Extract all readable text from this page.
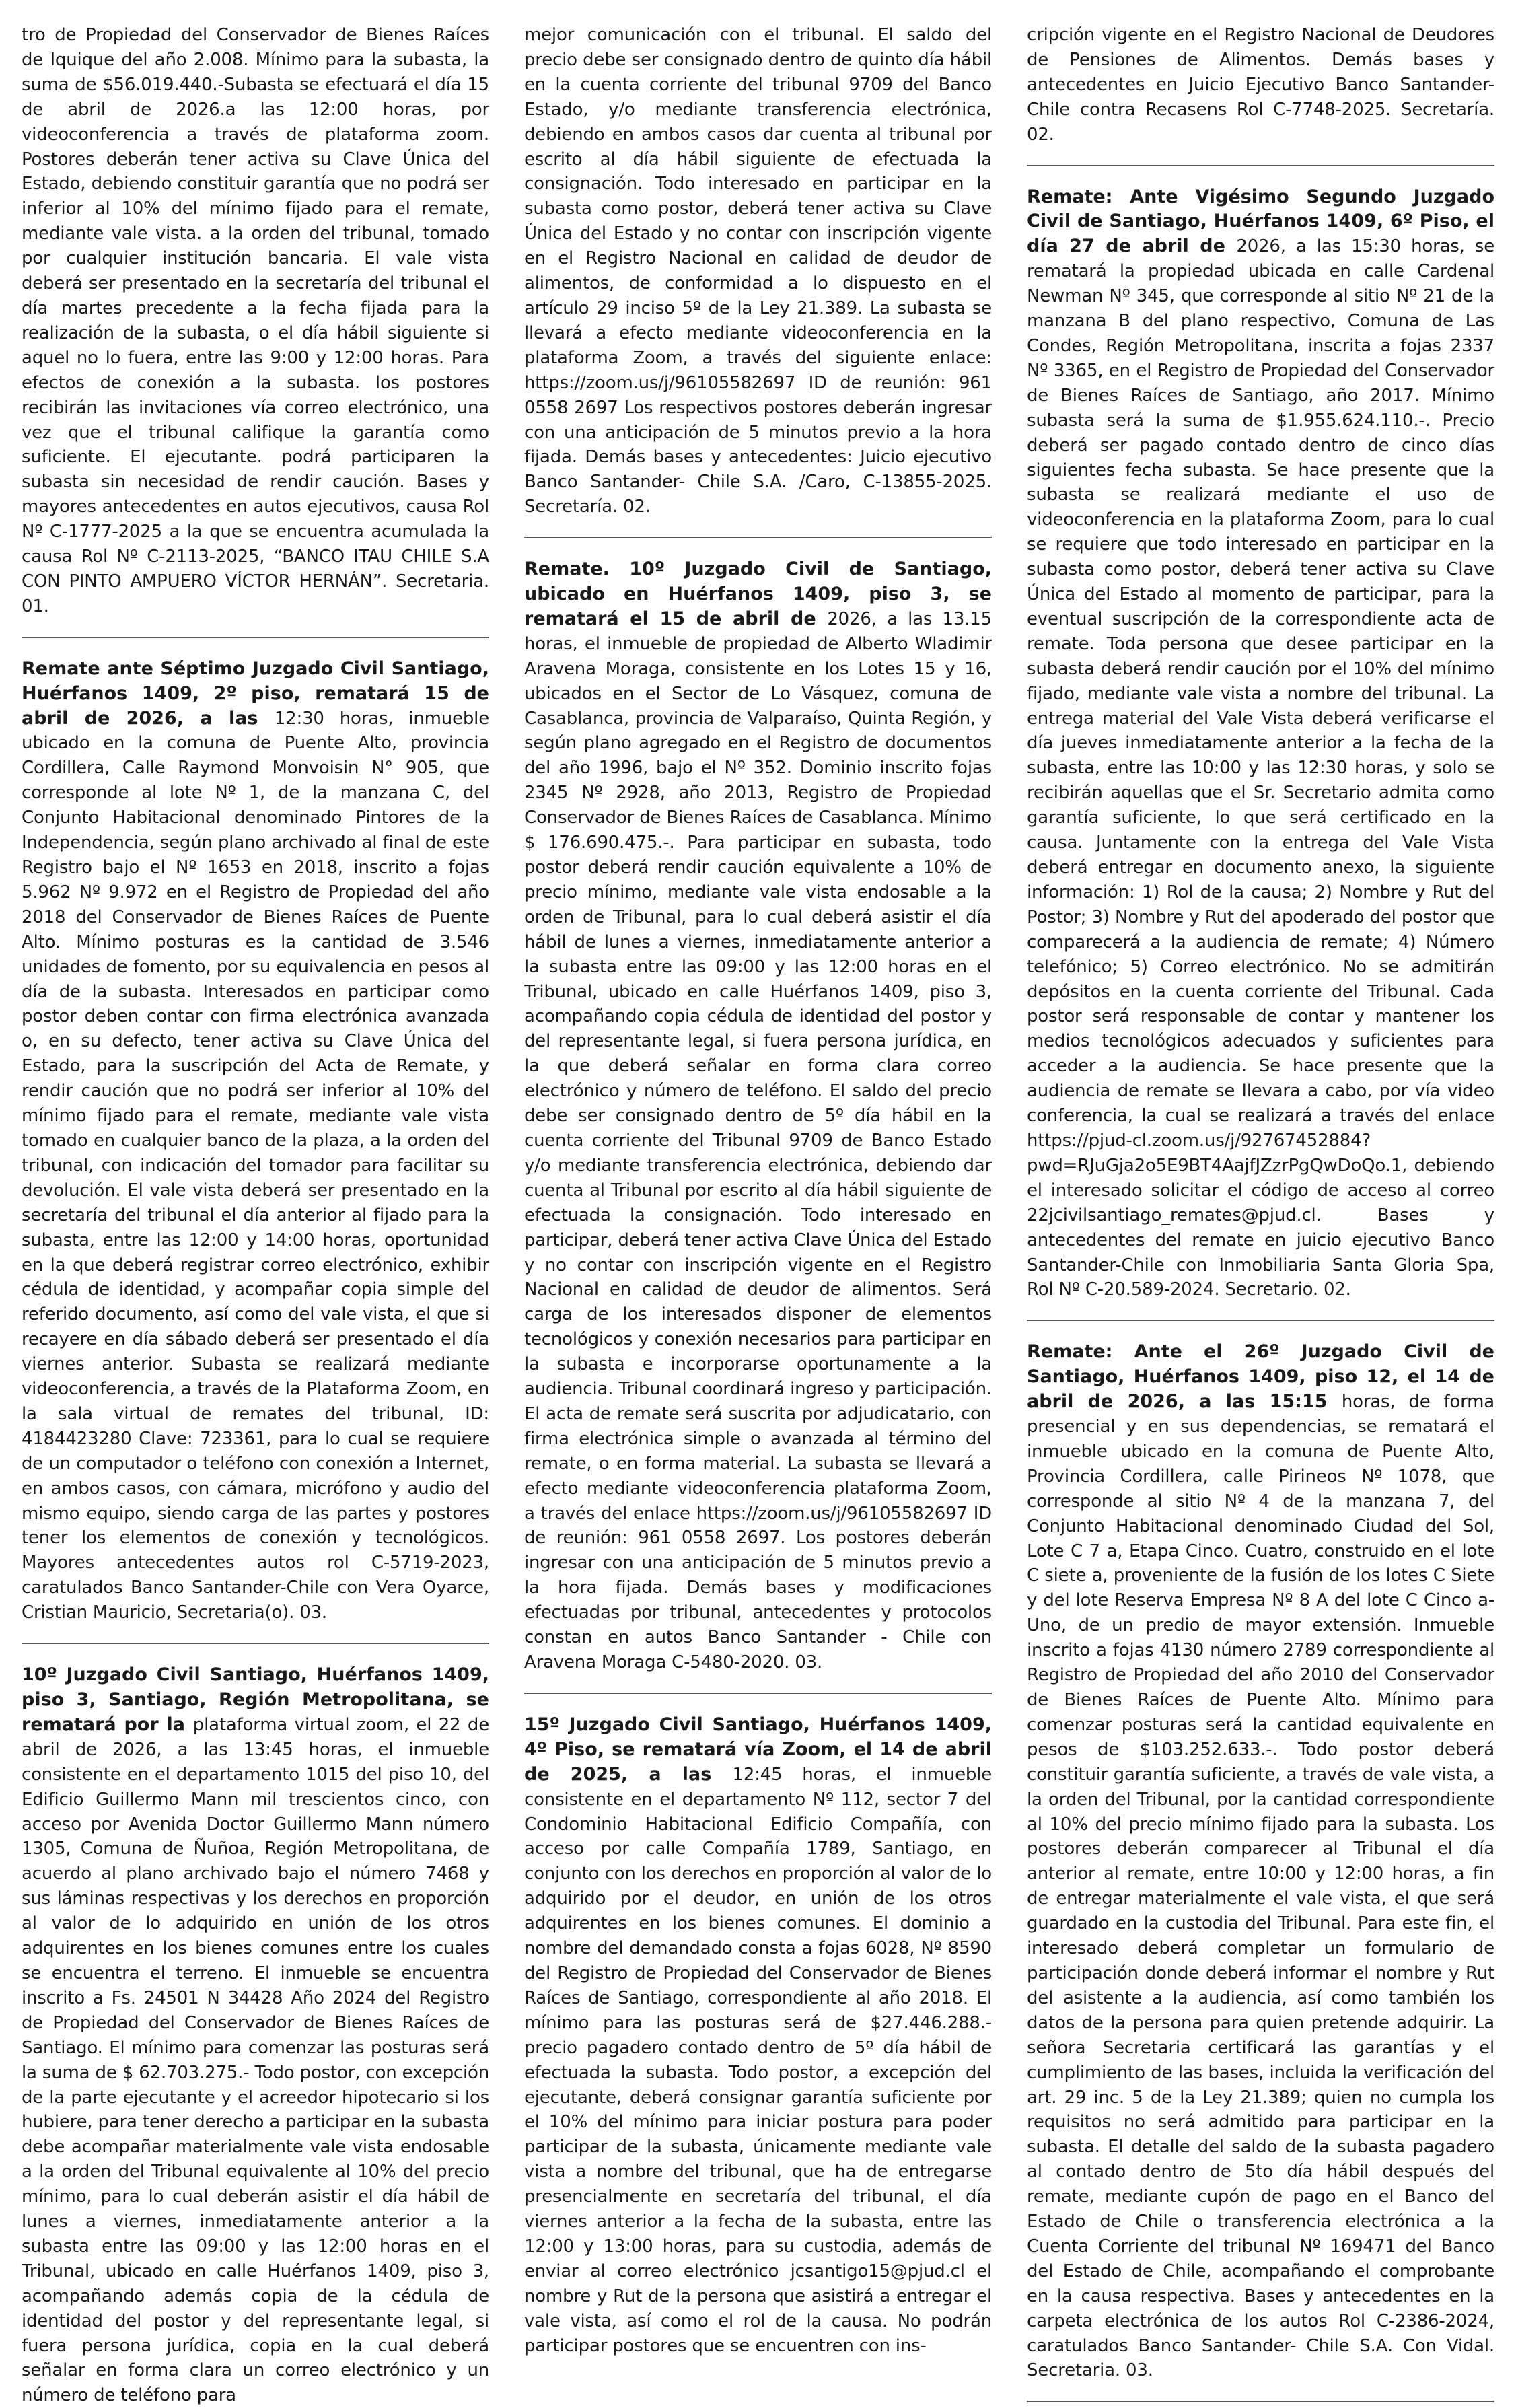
tro de Propiedad del Conservador de Bienes Raíces de Iquique del año 2.008. Mínimo para la subasta, la suma de $56.019.440.-Subasta se efectuará el día 15 de abril de 2026.a las 12:00 horas, por videoconferencia a través de plataforma zoom. Postores deberán tener activa su Clave Única del Estado, debiendo constituir garantía que no podrá ser inferior al 10% del mínimo fijado para el remate, mediante vale vista. a la orden del tribunal, tomado por cualquier institución bancaria. El vale vista deberá ser presentado en la secretaría del tribunal el día martes precedente a la fecha fijada para la realización de la subasta, o el día hábil siguiente si aquel no lo fuera, entre las 9:00 y 12:00 horas. Para efectos de conexión a la subasta. los postores recibirán las invitaciones vía correo electrónico, una vez que el tribunal califique la garantía como suficiente. El ejecutante. podrá participaren la subasta sin necesidad de rendir caución. Bases y mayores antecedentes en autos ejecutivos, causa Rol Nº C-1777-2025 a la que se encuentra acumulada la causa Rol Nº C-2113-2025, “BANCO ITAU CHILE S.A CON PINTO AMPUERO VÍCTOR HERNÁN”. Secretaria. 01.

Remate ante Séptimo Juzgado Civil Santiago, Huérfanos 1409, 2º piso, rematará 15 de abril de 2026, a las 12:30 horas, inmueble ubicado en la comuna de Puente Alto, provincia Cordillera, Calle Raymond Monvoisin N° 905, que corresponde al lote Nº 1, de la manzana C, del Conjunto Habitacional denominado Pintores de la Independencia, según plano archivado al final de este Registro bajo el Nº 1653 en 2018, inscrito a fojas 5.962 Nº 9.972 en el Registro de Propiedad del año 2018 del Conservador de Bienes Raíces de Puente Alto. Mínimo posturas es la cantidad de 3.546 unidades de fomento, por su equivalencia en pesos al día de la subasta. Interesados en participar como postor deben contar con firma electrónica avanzada o, en su defecto, tener activa su Clave Única del Estado, para la suscripción del Acta de Remate, y rendir caución que no podrá ser inferior al 10% del mínimo fijado para el remate, mediante vale vista tomado en cualquier banco de la plaza, a la orden del tribunal, con indicación del tomador para facilitar su devolución. El vale vista deberá ser presentado en la secretaría del tribunal el día anterior al fijado para la subasta, entre las 12:00 y 14:00 horas, oportunidad en la que deberá registrar correo electrónico, exhibir cédula de identidad, y acompañar copia simple del referido documento, así como del vale vista, el que si recayere en día sábado deberá ser presentado el día viernes anterior. Subasta se realizará mediante videoconferencia, a través de la Plataforma Zoom, en la sala virtual de remates del tribunal, ID: 4184423280 Clave: 723361, para lo cual se requiere de un computador o teléfono con conexión a Internet, en ambos casos, con cámara, micrófono y audio del mismo equipo, siendo carga de las partes y postores tener los elementos de conexión y tecnológicos. Mayores antecedentes autos rol C-5719-2023, caratulados Banco Santander-Chile con Vera Oyarce, Cristian Mauricio, Secretaria(o). 03.

10º Juzgado Civil Santiago, Huérfanos 1409, piso 3, Santiago, Región Metropolitana, se rematará por la plataforma virtual zoom, el 22 de abril de 2026, a las 13:45 horas, el inmueble consistente en el departamento 1015 del piso 10, del Edificio Guillermo Mann mil trescientos cinco, con acceso por Avenida Doctor Guillermo Mann número 1305, Comuna de Ñuñoa, Región Metropolitana, de acuerdo al plano archivado bajo el número 7468 y sus láminas respectivas y los derechos en proporción al valor de lo adquirido en unión de los otros adquirentes en los bienes comunes entre los cuales se encuentra el terreno. El inmueble se encuentra inscrito a Fs. 24501 N 34428 Año 2024 del Registro de Propiedad del Conservador de Bienes Raíces de Santiago. El mínimo para comenzar las posturas será la suma de $ 62.703.275.- Todo postor, con excepción de la parte ejecutante y el acreedor hipotecario si los hubiere, para tener derecho a participar en la subasta debe acompañar materialmente vale vista endosable a la orden del Tribunal equivalente al 10% del precio mínimo, para lo cual deberán asistir el día hábil de lunes a viernes, inmediatamente anterior a la subasta entre las 09:00 y las 12:00 horas en el Tribunal, ubicado en calle Huérfanos 1409, piso 3, acompañando además copia de la cédula de identidad del postor y del representante legal, si fuera persona jurídica, copia en la cual deberá señalar en forma clara un correo electrónico y un número de teléfono para

mejor comunicación con el tribunal. El saldo del precio debe ser consignado dentro de quinto día hábil en la cuenta corriente del tribunal 9709 del Banco Estado, y/o mediante transferencia electrónica, debiendo en ambos casos dar cuenta al tribunal por escrito al día hábil siguiente de efectuada la consignación. Todo interesado en participar en la subasta como postor, deberá tener activa su Clave Única del Estado y no contar con inscripción vigente en el Registro Nacional en calidad de deudor de alimentos, de conformidad a lo dispuesto en el artículo 29 inciso 5º de la Ley 21.389. La subasta se llevará a efecto mediante videoconferencia en la plataforma Zoom, a través del siguiente enlace: https://zoom.us/j/96105582697 ID de reunión: 961 0558 2697 Los respectivos postores deberán ingresar con una anticipación de 5 minutos previo a la hora fijada. Demás bases y antecedentes: Juicio ejecutivo Banco Santander- Chile S.A. /Caro, C-13855-2025. Secretaría. 02.

Remate. 10º Juzgado Civil de Santiago, ubicado en Huérfanos 1409, piso 3, se rematará el 15 de abril de 2026, a las 13.15 horas, el inmueble de propiedad de Alberto Wladimir Aravena Moraga, consistente en los Lotes 15 y 16, ubicados en el Sector de Lo Vásquez, comuna de Casablanca, provincia de Valparaíso, Quinta Región, y según plano agregado en el Registro de documentos del año 1996, bajo el Nº 352. Dominio inscrito fojas 2345 Nº 2928, año 2013, Registro de Propiedad Conservador de Bienes Raíces de Casablanca. Mínimo $ 176.690.475.-. Para participar en subasta, todo postor deberá rendir caución equivalente a 10% de precio mínimo, mediante vale vista endosable a la orden de Tribunal, para lo cual deberá asistir el día hábil de lunes a viernes, inmediatamente anterior a la subasta entre las 09:00 y las 12:00 horas en el Tribunal, ubicado en calle Huérfanos 1409, piso 3, acompañando copia cédula de identidad del postor y del representante legal, si fuera persona jurídica, en la que deberá señalar en forma clara correo electrónico y número de teléfono. El saldo del precio debe ser consignado dentro de 5º día hábil en la cuenta corriente del Tribunal 9709 de Banco Estado y/o mediante transferencia electrónica, debiendo dar cuenta al Tribunal por escrito al día hábil siguiente de efectuada la consignación. Todo interesado en participar, deberá tener activa Clave Única del Estado y no contar con inscripción vigente en el Registro Nacional en calidad de deudor de alimentos. Será carga de los interesados disponer de elementos tecnológicos y conexión necesarios para participar en la subasta e incorporarse oportunamente a la audiencia. Tribunal coordinará ingreso y participación. El acta de remate será suscrita por adjudicatario, con firma electrónica simple o avanzada al término del remate, o en forma material. La subasta se llevará a efecto mediante videoconferencia plataforma Zoom, a través del enlace https://zoom.us/j/96105582697 ID de reunión: 961 0558 2697. Los postores deberán ingresar con una anticipación de 5 minutos previo a la hora fijada. Demás bases y modificaciones efectuadas por tribunal, antecedentes y protocolos constan en autos Banco Santander - Chile con Aravena Moraga C-5480-2020. 03.

15º Juzgado Civil Santiago, Huérfanos 1409, 4º Piso, se rematará vía Zoom, el 14 de abril de 2025, a las 12:45 horas, el inmueble consistente en el departamento Nº 112, sector 7 del Condominio Habitacional Edificio Compañía, con acceso por calle Compañía 1789, Santiago, en conjunto con los derechos en proporción al valor de lo adquirido por el deudor, en unión de los otros adquirentes en los bienes comunes. El dominio a nombre del demandado consta a fojas 6028, Nº 8590 del Registro de Propiedad del Conservador de Bienes Raíces de Santiago, correspondiente al año 2018. El mínimo para las posturas será de $27.446.288.- precio pagadero contado dentro de 5º día hábil de efectuada la subasta. Todo postor, a excepción del ejecutante, deberá consignar garantía suficiente por el 10% del mínimo para iniciar postura para poder participar de la subasta, únicamente mediante vale vista a nombre del tribunal, que ha de entregarse presencialmente en secretaría del tribunal, el día viernes anterior a la fecha de la subasta, entre las 12:00 y 13:00 horas, para su custodia, además de enviar al correo electrónico jcsantigo15@pjud.cl el nombre y Rut de la persona que asistirá a entregar el vale vista, así como el rol de la causa. No podrán participar postores que se encuentren con ins-

cripción vigente en el Registro Nacional de Deudores de Pensiones de Alimentos. Demás bases y antecedentes en Juicio Ejecutivo Banco Santander-Chile contra Recasens Rol C-7748-2025. Secretaría. 02.

Remate: Ante Vigésimo Segundo Juzgado Civil de Santiago, Huérfanos 1409, 6º Piso, el día 27 de abril de 2026, a las 15:30 horas, se rematará la propiedad ubicada en calle Cardenal Newman Nº 345, que corresponde al sitio Nº 21 de la manzana B del plano respectivo, Comuna de Las Condes, Región Metropolitana, inscrita a fojas 2337 Nº 3365, en el Registro de Propiedad del Conservador de Bienes Raíces de Santiago, año 2017. Mínimo subasta será la suma de $1.955.624.110.-. Precio deberá ser pagado contado dentro de cinco días siguientes fecha subasta. Se hace presente que la subasta se realizará mediante el uso de videoconferencia en la plataforma Zoom, para lo cual se requiere que todo interesado en participar en la subasta como postor, deberá tener activa su Clave Única del Estado al momento de participar, para la eventual suscripción de la correspondiente acta de remate. Toda persona que desee participar en la subasta deberá rendir caución por el 10% del mínimo fijado, mediante vale vista a nombre del tribunal. La entrega material del Vale Vista deberá verificarse el día jueves inmediatamente anterior a la fecha de la subasta, entre las 10:00 y las 12:30 horas, y solo se recibirán aquellas que el Sr. Secretario admita como garantía suficiente, lo que será certificado en la causa. Juntamente con la entrega del Vale Vista deberá entregar en documento anexo, la siguiente información: 1) Rol de la causa; 2) Nombre y Rut del Postor; 3) Nombre y Rut del apoderado del postor que comparecerá a la audiencia de remate; 4) Número telefónico; 5) Correo electrónico. No se admitirán depósitos en la cuenta corriente del Tribunal. Cada postor será responsable de contar y mantener los medios tecnológicos adecuados y suficientes para acceder a la audiencia. Se hace presente que la audiencia de remate se llevara a cabo, por vía video conferencia, la cual se realizará a través del enlace https://pjud-cl.zoom.us/j/92767452884?pwd=RJuGja2o5E9BT4AajfJZzrPgQwDoQo.1, debiendo el interesado solicitar el código de acceso al correo 22jcivilsantiago_remates@pjud.cl. Bases y antecedentes del remate en juicio ejecutivo Banco Santander-Chile con Inmobiliaria Santa Gloria Spa, Rol Nº C-20.589-2024. Secretario. 02.

Remate: Ante el 26º Juzgado Civil de Santiago, Huérfanos 1409, piso 12, el 14 de abril de 2026, a las 15:15 horas, de forma presencial y en sus dependencias, se rematará el inmueble ubicado en la comuna de Puente Alto, Provincia Cordillera, calle Pirineos Nº 1078, que corresponde al sitio Nº 4 de la manzana 7, del Conjunto Habitacional denominado Ciudad del Sol, Lote C 7 a, Etapa Cinco. Cuatro, construido en el lote C siete a, proveniente de la fusión de los lotes C Siete y del lote Reserva Empresa Nº 8 A del lote C Cinco a- Uno, de un predio de mayor extensión. Inmueble inscrito a fojas 4130 número 2789 correspondiente al Registro de Propiedad del año 2010 del Conservador de Bienes Raíces de Puente Alto. Mínimo para comenzar posturas será la cantidad equivalente en pesos de $103.252.633.-. Todo postor deberá constituir garantía suficiente, a través de vale vista, a la orden del Tribunal, por la cantidad correspondiente al 10% del precio mínimo fijado para la subasta. Los postores deberán comparecer al Tribunal el día anterior al remate, entre 10:00 y 12:00 horas, a fin de entregar materialmente el vale vista, el que será guardado en la custodia del Tribunal. Para este fin, el interesado deberá completar un formulario de participación donde deberá informar el nombre y Rut del asistente a la audiencia, así como también los datos de la persona para quien pretende adquirir. La señora Secretaria certificará las garantías y el cumplimiento de las bases, incluida la verificación del art. 29 inc. 5 de la Ley 21.389; quien no cumpla los requisitos no será admitido para participar en la subasta. El detalle del saldo de la subasta pagadero al contado dentro de 5to día hábil después del remate, mediante cupón de pago en el Banco del Estado de Chile o transferencia electrónica a la Cuenta Corriente del tribunal Nº 169471 del Banco del Estado de Chile, acompañando el comprobante en la causa respectiva. Bases y antecedentes en la carpeta electrónica de los autos Rol C-2386-2024, caratulados Banco Santander- Chile S.A. Con Vidal. Secretaria. 03.
